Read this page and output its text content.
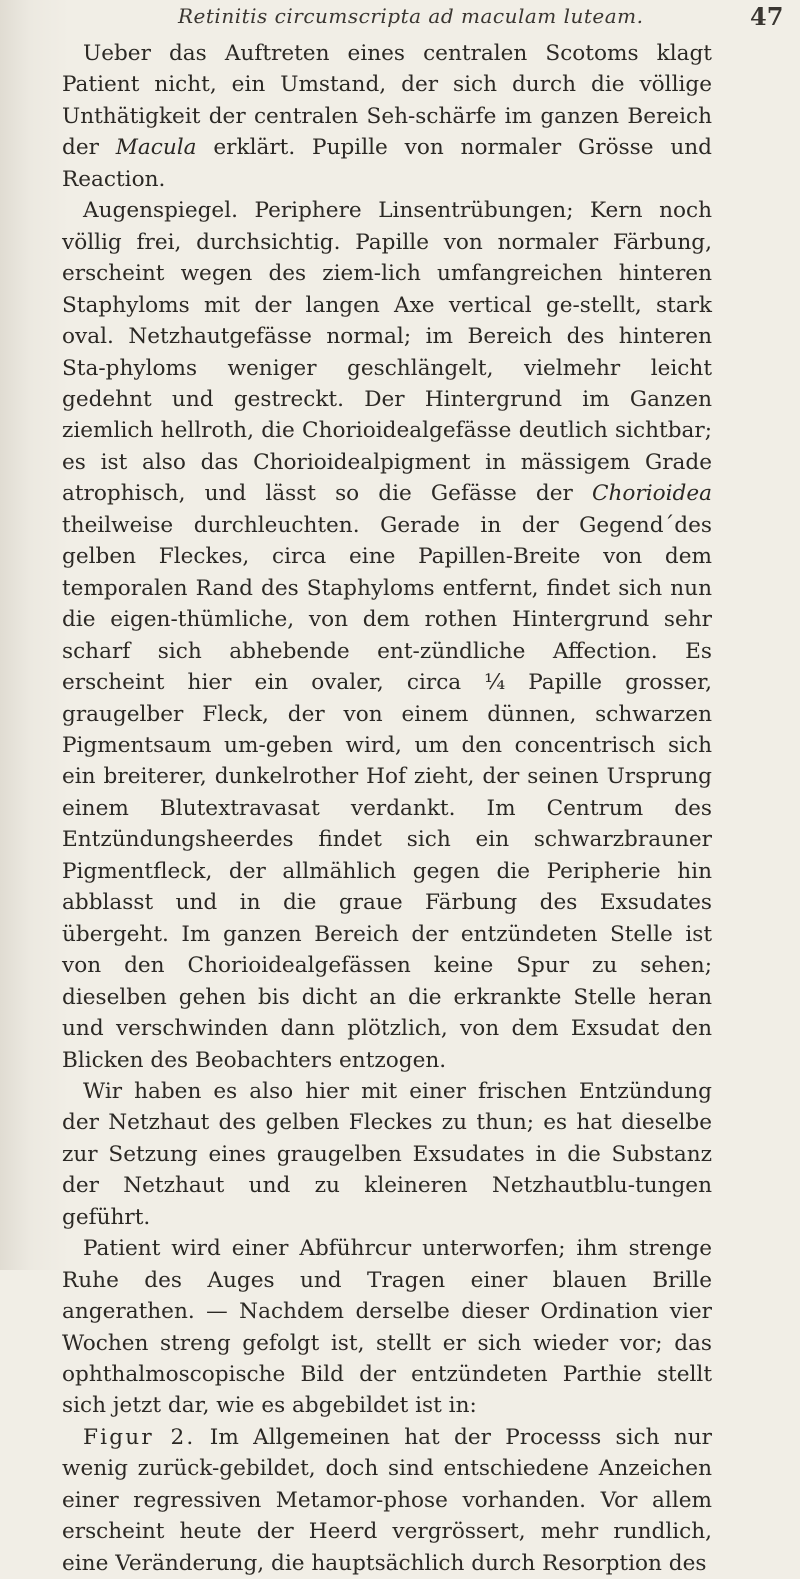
Retinitis circumscripta ad maculam luteam.	47

Ueber das Auftreten eines centralen Scotoms klagt Patient nicht, ein Umstand, der sich durch die völlige Unthätigkeit der centralen Seh-schärfe im ganzen Bereich der Macula erklärt. Pupille von normaler Grösse und Reaction.

Augenspiegel. Periphere Linsentrübungen; Kern noch völlig frei, durchsichtig. Papille von normaler Färbung, erscheint wegen des ziem-lich umfangreichen hinteren Staphyloms mit der langen Axe vertical ge-stellt, stark oval. Netzhautgefässe normal; im Bereich des hinteren Sta-phyloms weniger geschlängelt, vielmehr leicht gedehnt und gestreckt. Der Hintergrund im Ganzen ziemlich hellroth, die Chorioidealgefässe deutlich sichtbar; es ist also das Chorioidealpigment in mässigem Grade atrophisch, und lässt so die Gefässe der Chorioidea theilweise durchleuchten. Gerade in der Gegend´des gelben Fleckes, circa eine Papillen-Breite von dem temporalen Rand des Staphyloms entfernt, findet sich nun die eigen-thümliche, von dem rothen Hintergrund sehr scharf sich abhebende ent-zündliche Affection. Es erscheint hier ein ovaler, circa ¼ Papille grosser, graugelber Fleck, der von einem dünnen, schwarzen Pigmentsaum um-geben wird, um den concentrisch sich ein breiterer, dunkelrother Hof zieht, der seinen Ursprung einem Blutextravasat verdankt. Im Centrum des Entzündungsheerdes findet sich ein schwarzbrauner Pigmentfleck, der allmählich gegen die Peripherie hin abblasst und in die graue Färbung des Exsudates übergeht. Im ganzen Bereich der entzündeten Stelle ist von den Chorioidealgefässen keine Spur zu sehen; dieselben gehen bis dicht an die erkrankte Stelle heran und verschwinden dann plötzlich, von dem Exsudat den Blicken des Beobachters entzogen.

Wir haben es also hier mit einer frischen Entzündung der Netzhaut des gelben Fleckes zu thun; es hat dieselbe zur Setzung eines graugelben Exsudates in die Substanz der Netzhaut und zu kleineren Netzhautblu-tungen geführt.

Patient wird einer Abführcur unterworfen; ihm strenge Ruhe des Auges und Tragen einer blauen Brille angerathen. — Nachdem derselbe dieser Ordination vier Wochen streng gefolgt ist, stellt er sich wieder vor; das ophthalmoscopische Bild der entzündeten Parthie stellt sich jetzt dar, wie es abgebildet ist in:

Figur 2. Im Allgemeinen hat der Processs sich nur wenig zurück-gebildet, doch sind entschiedene Anzeichen einer regressiven Metamor-phose vorhanden. Vor allem erscheint heute der Heerd vergrössert, mehr rundlich, eine Veränderung, die hauptsächlich durch Resorption des
